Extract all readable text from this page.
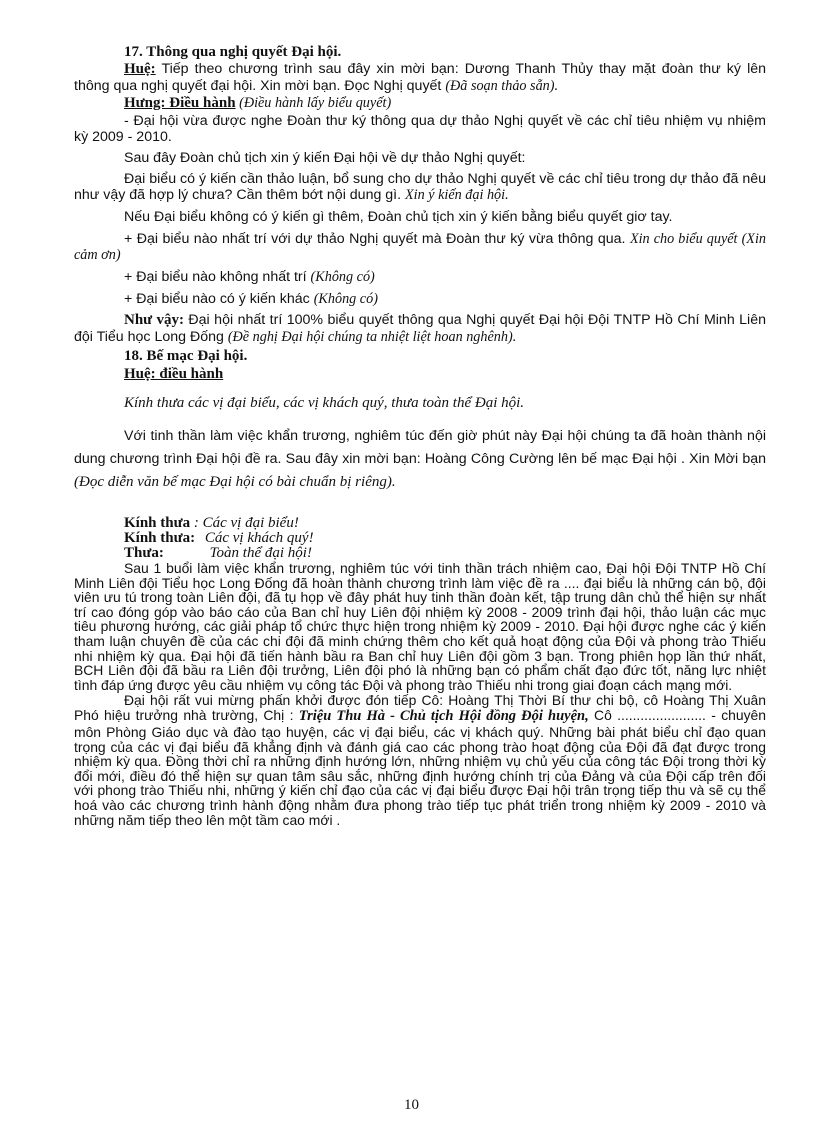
17. Thông qua nghị quyết Đại hội.

Huệ: Tiếp theo chương trình sau đây xin mời bạn: Dương Thanh Thủy thay mặt đoàn thư ký lên thông qua nghị quyết đại hội. Xin mời bạn. Đọc Nghị quyết (Đã soạn thảo sẵn).

Hưng: Điều hành (Điều hành lấy biểu quyết)

- Đại hội vừa được nghe Đoàn thư ký thông qua dự thảo Nghị quyết về các chỉ tiêu nhiệm vụ nhiệm kỳ 2009 - 2010.

Sau đây Đoàn chủ tịch xin ý kiến Đại hội về dự thảo Nghị quyết:

Đại biểu có ý kiến cần thảo luận, bổ sung cho dự thảo Nghị quyết về các chỉ tiêu trong dự thảo đã nêu như vậy đã hợp lý chưa? Cần thêm bớt nội dung gì. Xin ý kiến đại hội.

Nếu Đại biểu không có ý kiến gì thêm, Đoàn chủ tịch xin ý kiến bằng biểu quyết giơ tay.

+ Đại biểu nào nhất trí với dự thảo Nghị quyết mà Đoàn thư ký vừa thông qua. Xin cho biểu quyết (Xin cảm ơn)

+ Đại biểu nào không nhất trí (Không có)

+ Đại biểu nào có ý kiến khác (Không có)

Như vậy: Đại hội nhất trí 100% biểu quyết thông qua Nghị quyết Đại hội Đội TNTP Hồ Chí Minh Liên đội Tiểu học Long Đống (Đề nghị Đại hội chúng ta nhiệt liệt hoan nghênh).

18. Bế mạc Đại hội.

Huệ: điều hành

Kính thưa các vị đại biểu, các vị khách quý, thưa toàn thể Đại hội.

Với tinh thần làm việc khẩn trương, nghiêm túc đến giờ phút này Đại hội chúng ta đã hoàn thành nội dung chương trình Đại hội đề ra. Sau đây xin mời bạn: Hoàng Công Cường lên bế mạc Đại hội . Xin Mời bạn (Đọc diễn văn bế mạc Đại hội có bài chuẩn bị riêng).

Kính thưa : Các vị đại biểu!

Kính thưa: Các vị khách quý!

Thưa:	Toàn thể đại hội!

Sau 1 buổi làm việc khẩn trương, nghiêm túc với tinh thần trách nhiệm cao, Đại hội Đội TNTP Hồ Chí Minh Liên đội Tiểu học Long Đống đã hoàn thành chương trình làm việc đề ra .... đại biểu là những cán bộ, đội viên ưu tú trong toàn Liên đội, đã tụ họp về đây phát huy tinh thần đoàn kết, tập trung dân chủ thể hiện sự nhất trí cao đóng góp vào báo cáo của Ban chỉ huy Liên đội nhiệm kỳ 2008 - 2009 trình đại hội, thảo luận các mục tiêu phương hướng, các giải pháp tổ chức thực hiện trong nhiệm kỳ 2009 - 2010. Đại hội được nghe các ý kiến tham luận chuyên đề của các chi đội đã minh chứng thêm cho kết quả hoạt động của Đội và phong trào Thiếu nhi nhiệm kỳ qua. Đại hội đã tiến hành bầu ra Ban chỉ huy Liên đội gồm 3 bạn. Trong phiên họp lần thứ nhất, BCH Liên đội đã bầu ra Liên đội trưởng, Liên đội phó là những bạn có phẩm chất đạo đức tốt, năng lực nhiệt tình đáp ứng được yêu cầu nhiệm vụ công tác Đội và phong trào Thiếu nhi trong giai đoạn cách mạng mới.

Đại hội rất vui mừng phấn khởi được đón tiếp Cô: Hoàng Thị Thời Bí thư chi bộ, cô Hoàng Thị Xuân Phó hiệu trưởng nhà trường, Chị : Triệu Thu Hà - Chủ tịch Hội đồng Đội huyện, Cô ....................... - chuyên môn Phòng Giáo dục và đào tạo huyện, các vị đại biểu, các vị khách quý. Những bài phát biểu chỉ đạo quan trọng của các vị đại biểu đã khẳng định và đánh giá cao các phong trào hoạt động của Đội đã đạt được trong nhiệm kỳ qua. Đồng thời chỉ ra những định hướng lớn, những nhiệm vụ chủ yếu của công tác Đội trong thời kỳ đổi mới, điều đó thể hiện sự quan tâm sâu sắc, những định hướng chính trị của Đảng và của Đội cấp trên đối với phong trào Thiếu nhi, những ý kiến chỉ đạo của các vị đại biểu được Đại hội trân trọng tiếp thu và sẽ cụ thể hoá vào các chương trình hành động nhằm đưa phong trào tiếp tục phát triển trong nhiệm kỳ 2009 - 2010 và những năm tiếp theo lên một tầm cao mới .

10
